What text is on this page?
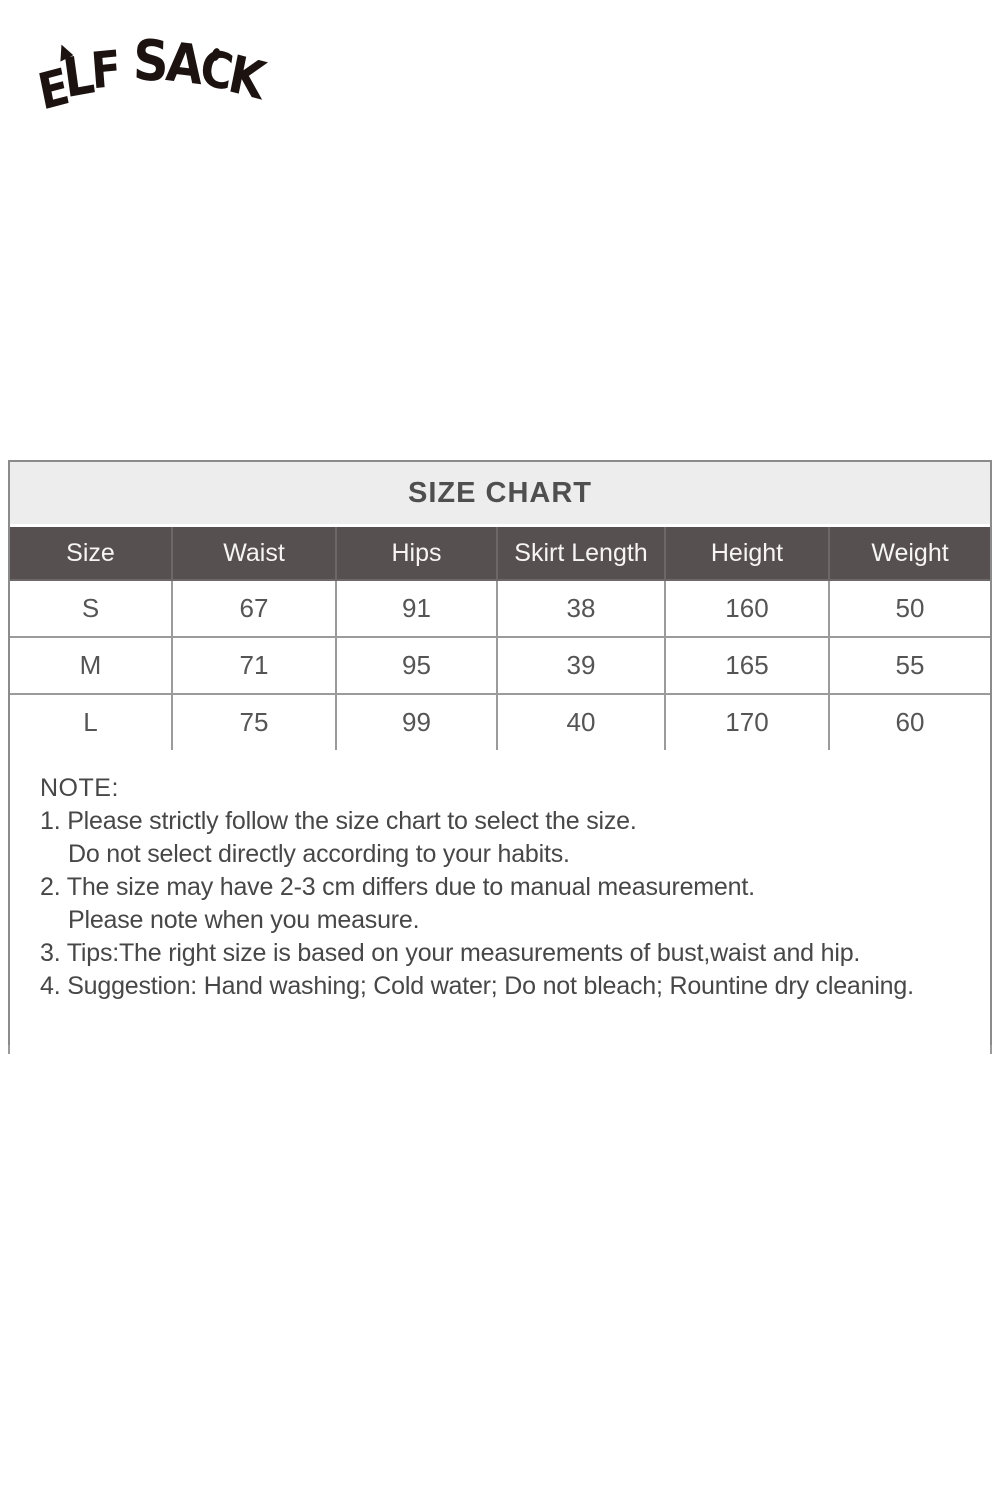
ELF SACK
SIZE CHART
Size	Waist	Hips	Skirt Length	Height	Weight
S	67	91	38	160	50
M	71	95	39	165	55
L	75	99	40	170	60
NOTE:
1. Please strictly follow the size chart to select the size.
Do not select directly according to your habits.
2. The size may have 2-3 cm differs due to manual measurement.
Please note when you measure.
3. Tips:The right size is based on your measurements of bust,waist and hip.
4. Suggestion: Hand washing; Cold water; Do not bleach; Rountine dry cleaning.
